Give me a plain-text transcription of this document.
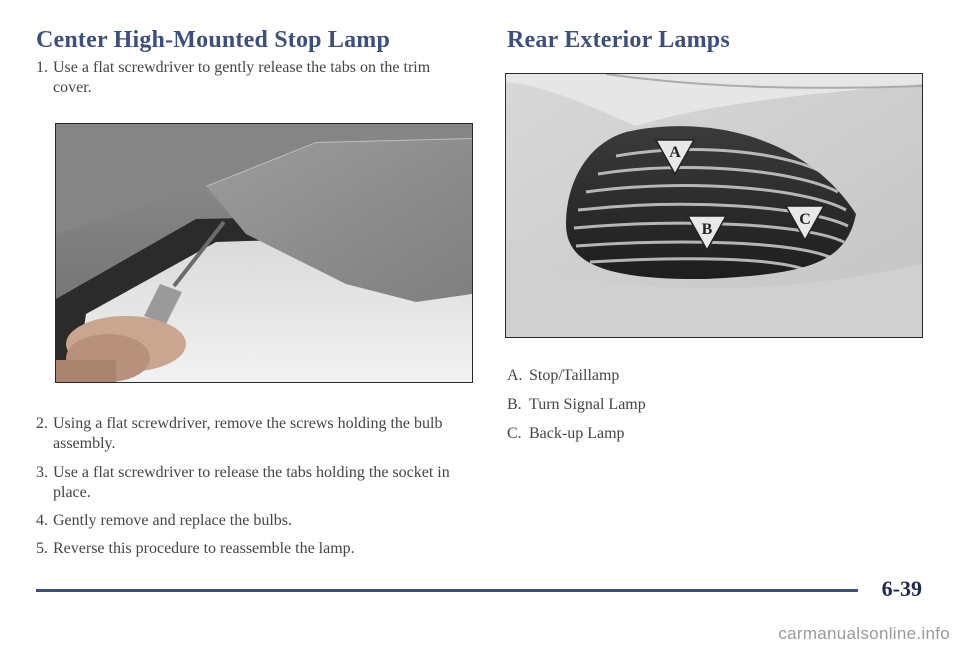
Center High-Mounted Stop Lamp	Rear Exterior Lamps
1. Use a flat screwdriver to gently release the tabs on the trim cover.
2. Using a flat screwdriver, remove the screws holding the bulb assembly.
3. Use a flat screwdriver to release the tabs holding the socket in place.
4. Gently remove and replace the bulbs.
5. Reverse this procedure to reassemble the lamp.
A
B
C
A. Stop/Taillamp
B. Turn Signal Lamp
C. Back-up Lamp
6-39
carmanualsonline.info
